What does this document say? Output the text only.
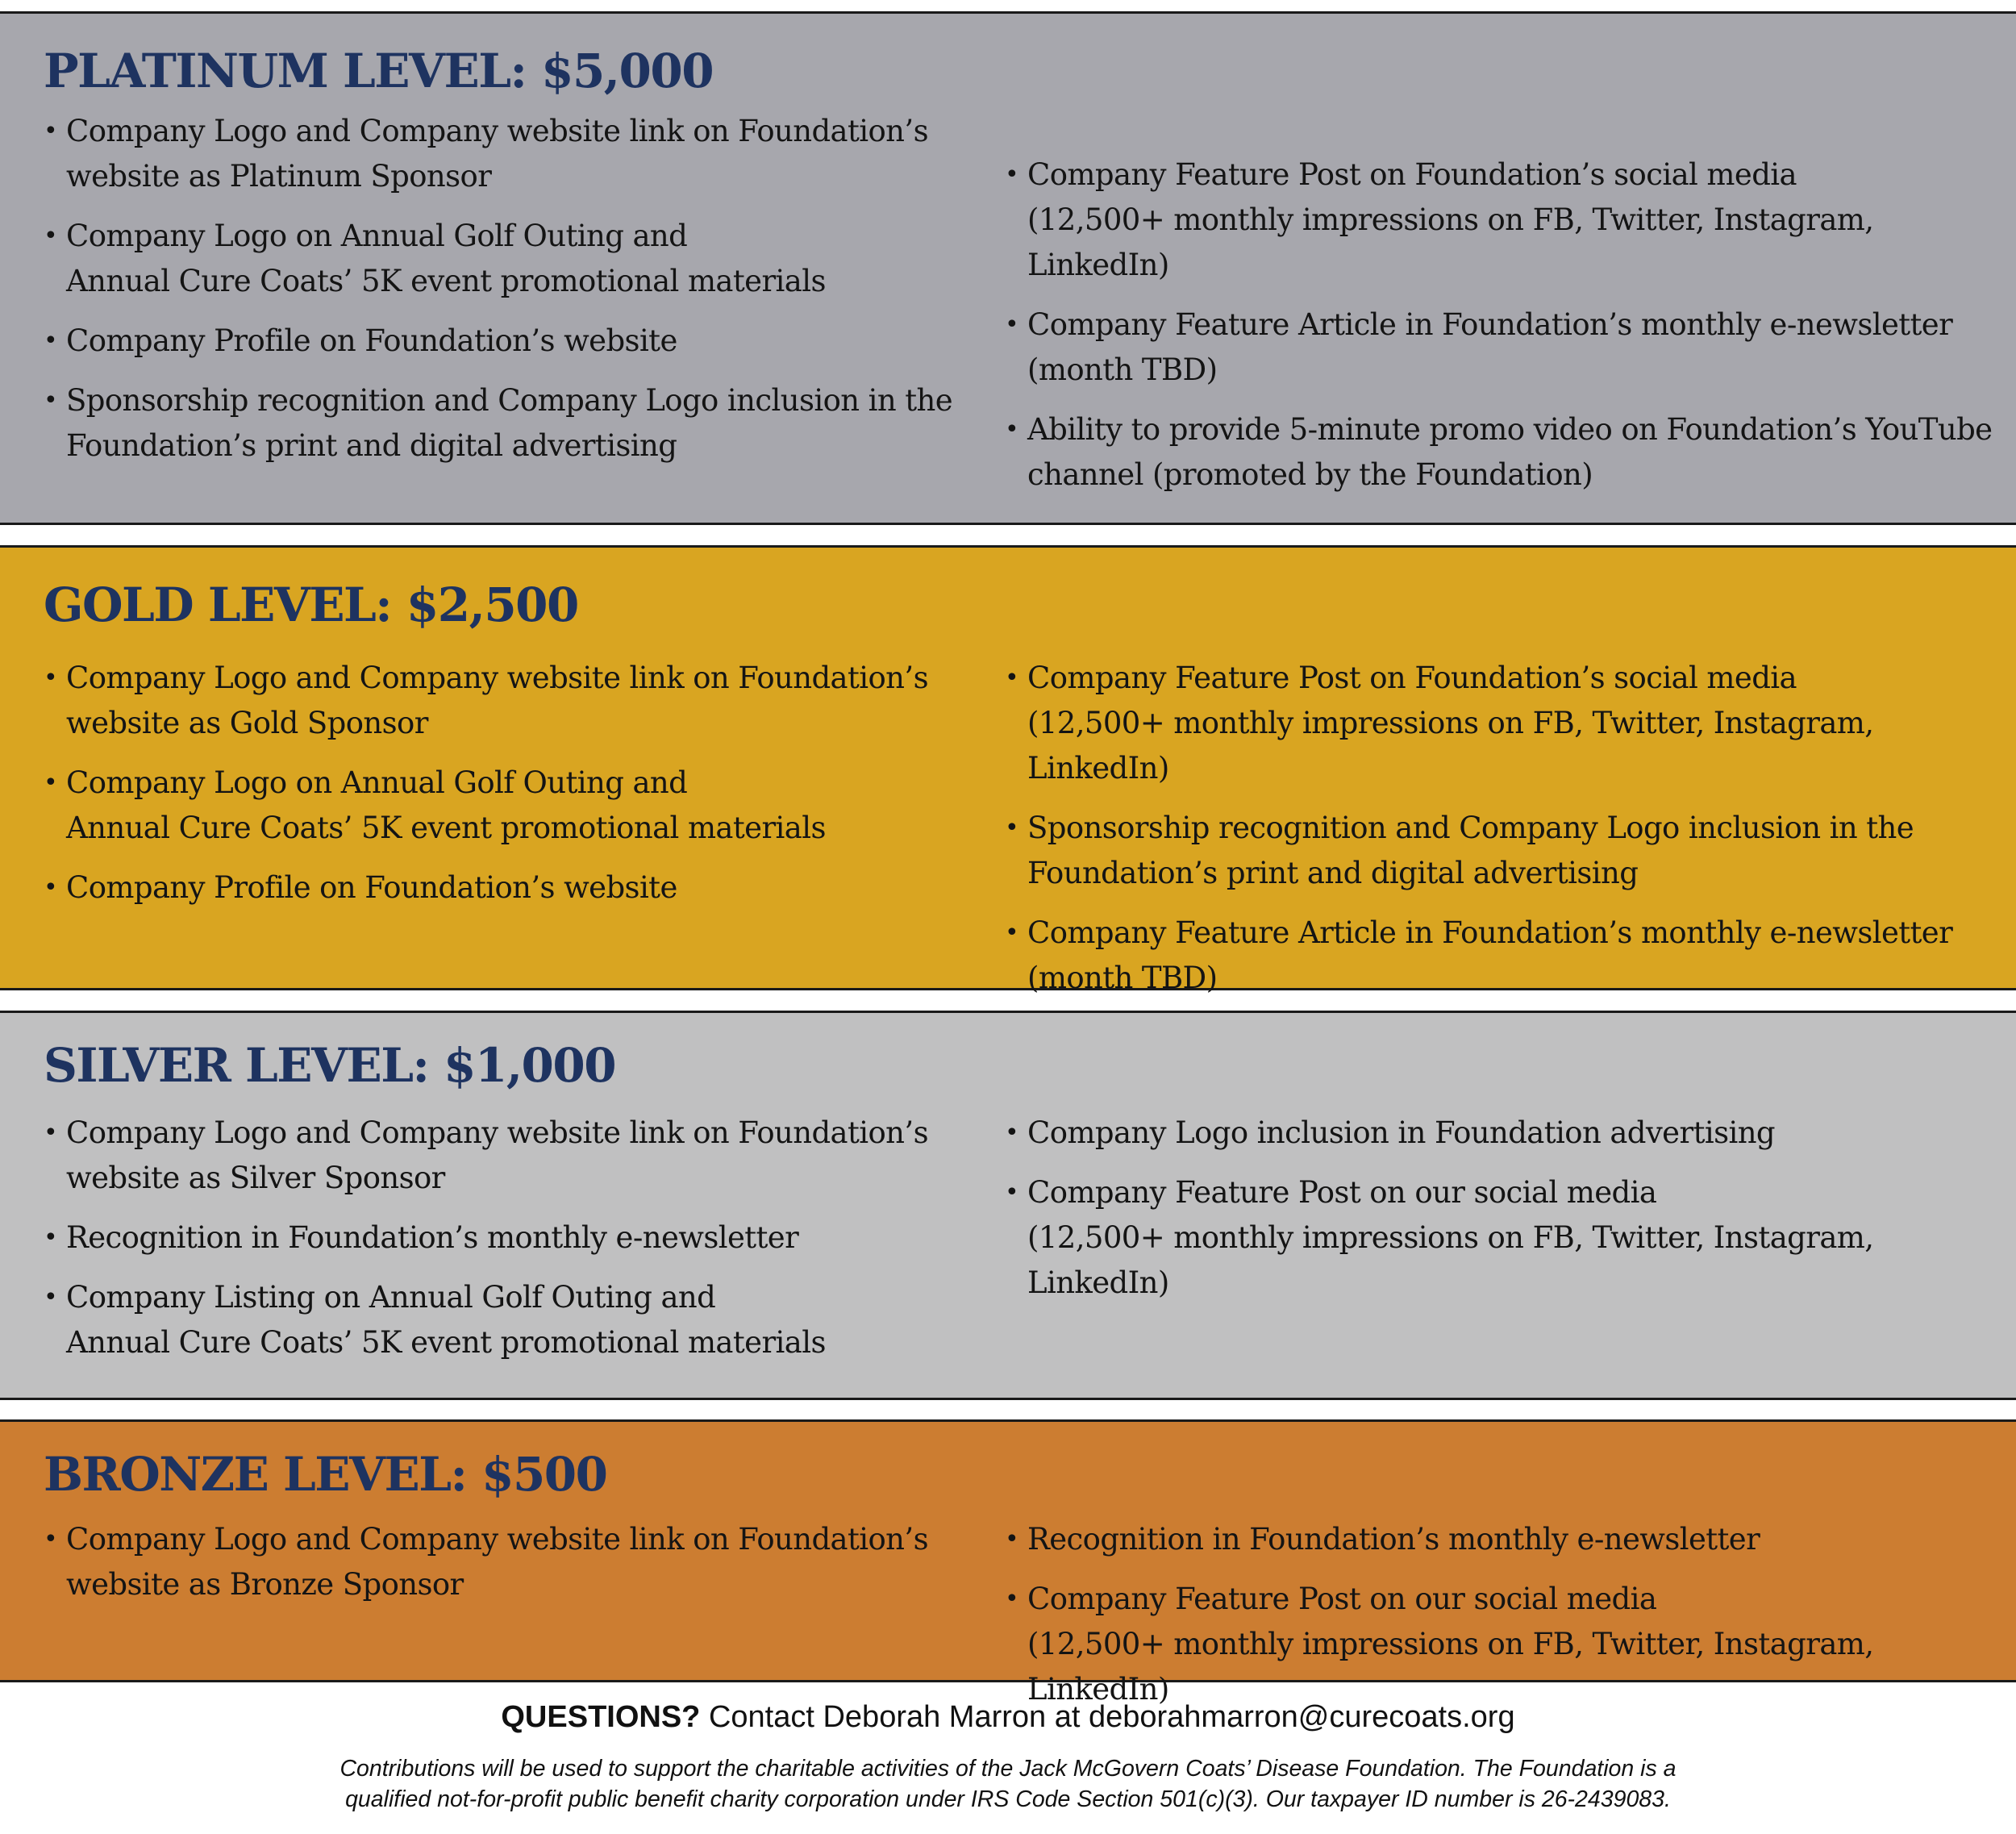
PLATINUM LEVEL: $5,000
• Company Logo and Company website link on Foundation’s
website as Platinum Sponsor
• Company Logo on Annual Golf Outing and
Annual Cure Coats’ 5K event promotional materials
• Company Profile on Foundation’s website
• Sponsorship recognition and Company Logo inclusion in the
Foundation’s print and digital advertising
• Company Feature Post on Foundation’s social media
(12,500+ monthly impressions on FB, Twitter, Instagram, LinkedIn)
• Company Feature Article in Foundation’s monthly e-newsletter
(month TBD)
• Ability to provide 5-minute promo video on Foundation’s YouTube
channel (promoted by the Foundation)
GOLD LEVEL: $2,500
• Company Logo and Company website link on Foundation’s
website as Gold Sponsor
• Company Logo on Annual Golf Outing and
Annual Cure Coats’ 5K event promotional materials
• Company Profile on Foundation’s website
• Company Feature Post on Foundation’s social media
(12,500+ monthly impressions on FB, Twitter, Instagram, LinkedIn)
• Sponsorship recognition and Company Logo inclusion in the
Foundation’s print and digital advertising
• Company Feature Article in Foundation’s monthly e-newsletter
(month TBD)
SILVER LEVEL: $1,000
• Company Logo and Company website link on Foundation’s
website as Silver Sponsor
• Recognition in Foundation’s monthly e-newsletter
• Company Listing on Annual Golf Outing and
Annual Cure Coats’ 5K event promotional materials
• Company Logo inclusion in Foundation advertising
• Company Feature Post on our social media
(12,500+ monthly impressions on FB, Twitter, Instagram, LinkedIn)
BRONZE LEVEL: $500
• Company Logo and Company website link on Foundation’s
website as Bronze Sponsor
• Recognition in Foundation’s monthly e-newsletter
• Company Feature Post on our social media
(12,500+ monthly impressions on FB, Twitter, Instagram, LinkedIn)
QUESTIONS? Contact Deborah Marron at deborahmarron@curecoats.org
Contributions will be used to support the charitable activities of the Jack McGovern Coats’ Disease Foundation. The Foundation is a
qualified not-for-profit public benefit charity corporation under IRS Code Section 501(c)(3). Our taxpayer ID number is 26-2439083.
